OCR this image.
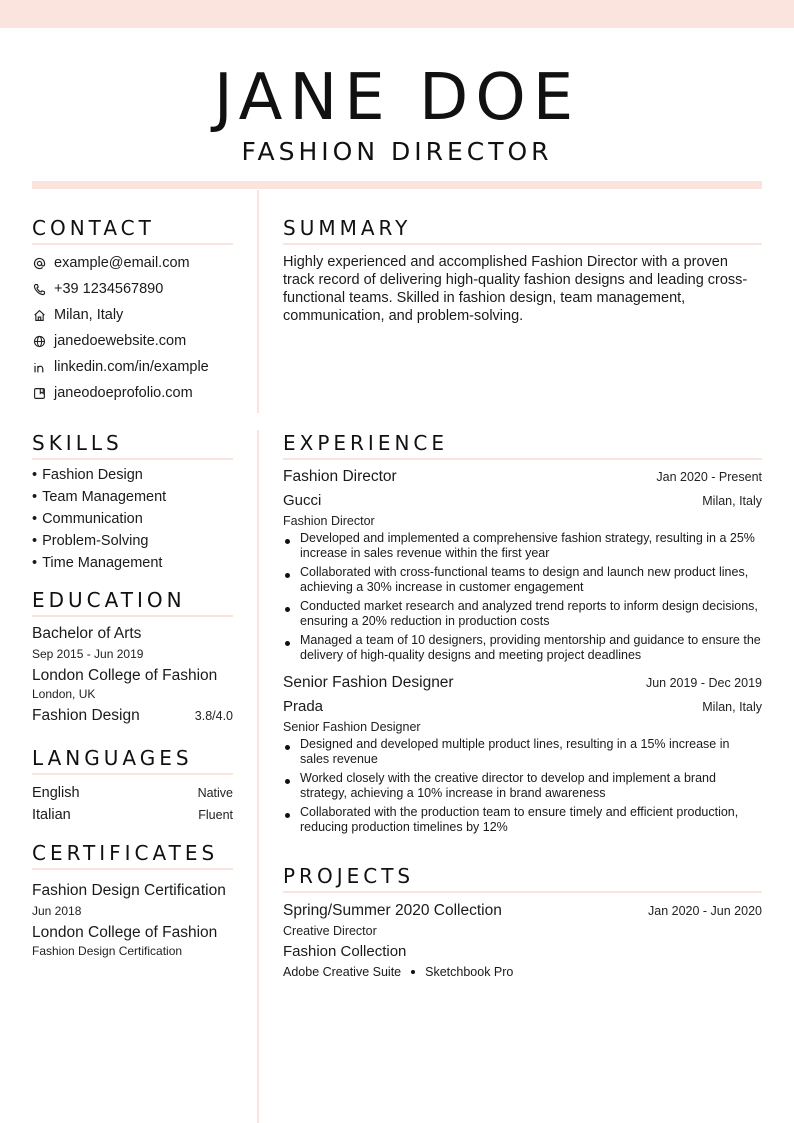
JANE DOE
FASHION DIRECTOR
CONTACT
example@email.com
+39 1234567890
Milan, Italy
janedoewebsite.com
linkedin.com/in/example
janeodoeprofolio.com
SUMMARY

Highly experienced and accomplished Fashion Director with a proven track record of delivering high-quality fashion designs and leading cross-functional teams. Skilled in fashion design, team management, communication, and problem-solving.

SKILLS
• Fashion Design
• Team Management
• Communication
• Problem-Solving
• Time Management
EDUCATION
Bachelor of Arts
Sep 2015 - Jun 2019
London College of Fashion
London, UK
Fashion Design	3.8/4.0
LANGUAGES
English	Native
Italian	Fluent
CERTIFICATES
Fashion Design Certification
Jun 2018
London College of Fashion
Fashion Design Certification
EXPERIENCE
Fashion Director	Jan 2020 - Present
Gucci	Milan, Italy
Fashion Director
Developed and implemented a comprehensive fashion strategy, resulting in a 25% increase in sales revenue within the first year
Collaborated with cross-functional teams to design and launch new product lines, achieving a 30% increase in customer engagement
Conducted market research and analyzed trend reports to inform design decisions, ensuring a 20% reduction in production costs
Managed a team of 10 designers, providing mentorship and guidance to ensure the delivery of high-quality designs and meeting project deadlines
Senior Fashion Designer	Jun 2019 - Dec 2019
Prada	Milan, Italy
Senior Fashion Designer
Designed and developed multiple product lines, resulting in a 15% increase in sales revenue
Worked closely with the creative director to develop and implement a brand strategy, achieving a 10% increase in brand awareness
Collaborated with the production team to ensure timely and efficient production, reducing production timelines by 12%
PROJECTS
Spring/Summer 2020 Collection	Jan 2020 - Jun 2020
Creative Director
Fashion Collection
Adobe Creative Suite Sketchbook Pro
